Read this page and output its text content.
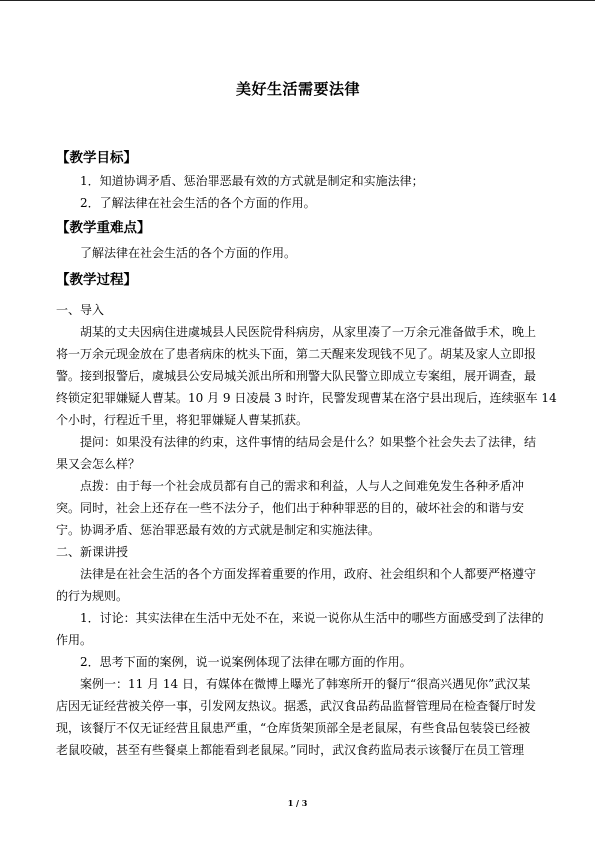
美好生活需要法律
【教学目标】
1．知道协调矛盾、惩治罪恶最有效的方式就是制定和实施法律；
2．了解法律在社会生活的各个方面的作用。
【教学重难点】
了解法律在社会生活的各个方面的作用。
【教学过程】
一、导入
胡某的丈夫因病住进虞城县人民医院骨科病房，从家里凑了一万余元准备做手术，晚上
将一万余元现金放在了患者病床的枕头下面，第二天醒来发现钱不见了。胡某及家人立即报
警。接到报警后，虞城县公安局城关派出所和刑警大队民警立即成立专案组，展开调查，最
终锁定犯罪嫌疑人曹某。10 月 9 日凌晨 3 时许，民警发现曹某在洛宁县出现后，连续驱车 14
个小时，行程近千里，将犯罪嫌疑人曹某抓获。
提问：如果没有法律的约束，这件事情的结局会是什么？如果整个社会失去了法律，结
果又会怎么样？
点拨：由于每一个社会成员都有自己的需求和利益，人与人之间难免发生各种矛盾冲
突。同时，社会上还存在一些不法分子，他们出于种种罪恶的目的，破坏社会的和谐与安
宁。协调矛盾、惩治罪恶最有效的方式就是制定和实施法律。
二、新课讲授
法律是在社会生活的各个方面发挥着重要的作用，政府、社会组织和个人都要严格遵守
的行为规则。
1．讨论：其实法律在生活中无处不在，来说一说你从生活中的哪些方面感受到了法律的
作用。
2．思考下面的案例，说一说案例体现了法律在哪方面的作用。
案例一：11 月 14 日，有媒体在微博上曝光了韩寒所开的餐厅“很高兴遇见你”武汉某
店因无证经营被关停一事，引发网友热议。据悉，武汉食品药品监督管理局在检查餐厅时发
现，该餐厅不仅无证经营且鼠患严重，“仓库货架顶部全是老鼠屎，有些食品包装袋已经被
老鼠咬破，甚至有些餐桌上都能看到老鼠屎。”同时，武汉食药监局表示该餐厅在员工管理
1 / 3
